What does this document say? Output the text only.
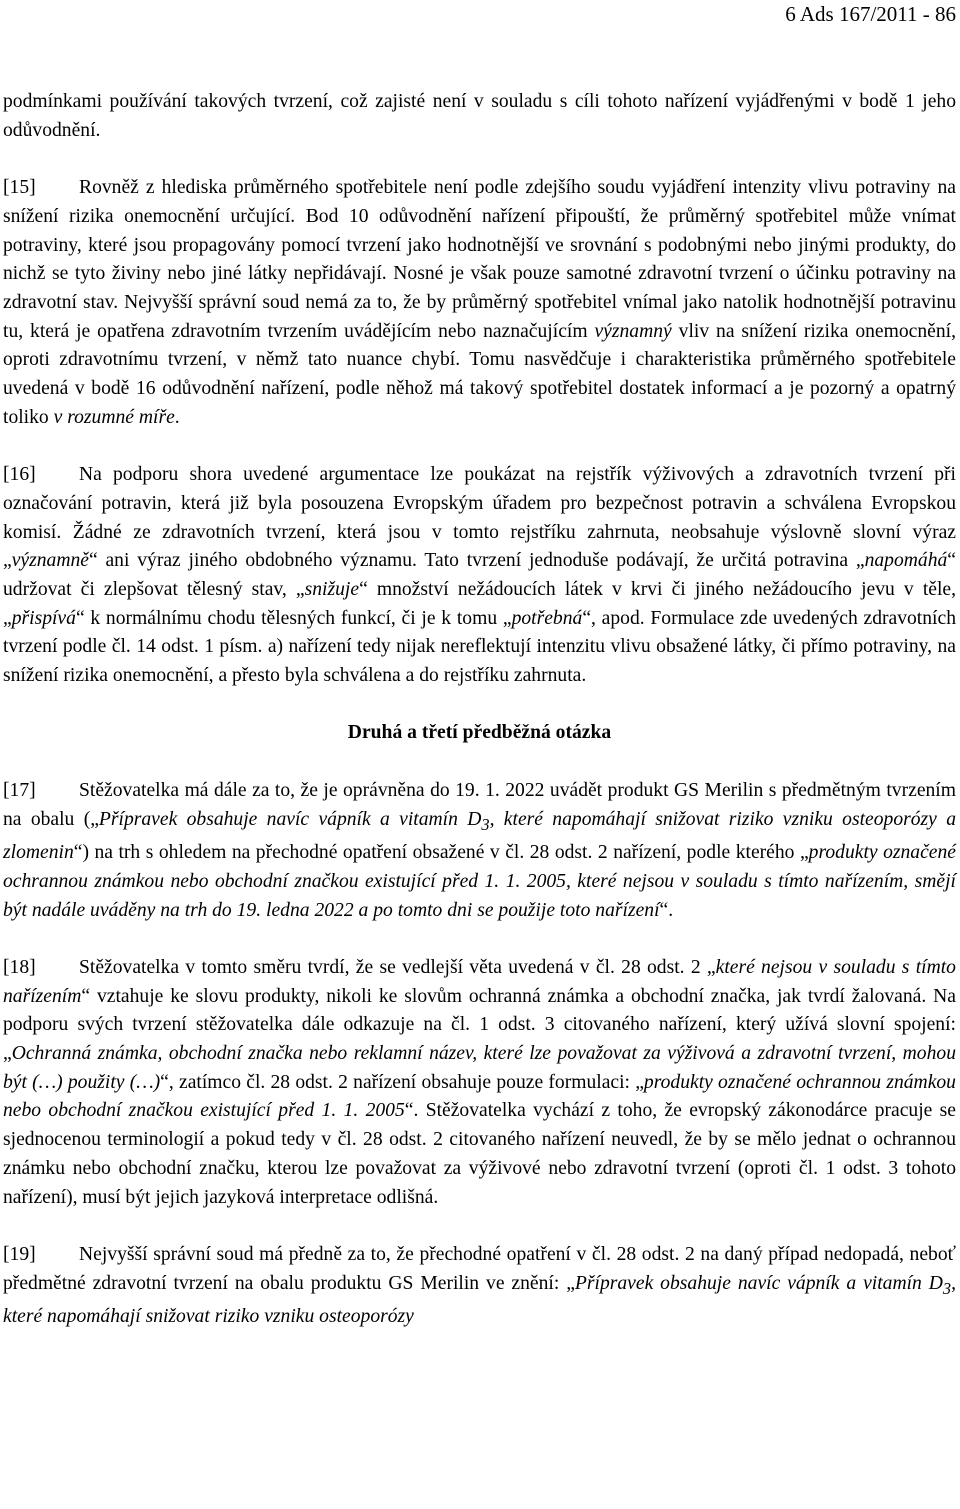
6 Ads 167/2011 - 86
podmínkami používání takových tvrzení, což zajisté není v souladu s cíli tohoto nařízení vyjádřenými v bodě 1 jeho odůvodnění.
[15] Rovněž z hlediska průměrného spotřebitele není podle zdejšího soudu vyjádření intenzity vlivu potraviny na snížení rizika onemocnění určující. Bod 10 odůvodnění nařízení připouští, že průměrný spotřebitel může vnímat potraviny, které jsou propagovány pomocí tvrzení jako hodnotnější ve srovnání s podobnými nebo jinými produkty, do nichž se tyto živiny nebo jiné látky nepřidávají. Nosné je však pouze samotné zdravotní tvrzení o účinku potraviny na zdravotní stav. Nejvyšší správní soud nemá za to, že by průměrný spotřebitel vnímal jako natolik hodnotnější potravinu tu, která je opatřena zdravotním tvrzením uvádějícím nebo naznačujícím významný vliv na snížení rizika onemocnění, oproti zdravotnímu tvrzení, v němž tato nuance chybí. Tomu nasvědčuje i charakteristika průměrného spotřebitele uvedená v bodě 16 odůvodnění nařízení, podle něhož má takový spotřebitel dostatek informací a je pozorný a opatrný toliko v rozumné míře.
[16] Na podporu shora uvedené argumentace lze poukázat na rejstřík výživových a zdravotních tvrzení při označování potravin, která již byla posouzena Evropským úřadem pro bezpečnost potravin a schválena Evropskou komisí. Žádné ze zdravotních tvrzení, která jsou v tomto rejstříku zahrnuta, neobsahuje výslovně slovní výraz „významně“ ani výraz jiného obdobného významu. Tato tvrzení jednoduše podávají, že určitá potravina „napomáhá“ udržovat či zlepšovat tělesný stav, „snižuje“ množství nežádoucích látek v krvi či jiného nežádoucího jevu v těle, „přispívá“ k normálnímu chodu tělesných funkcí, či je k tomu „potřebná“, apod. Formulace zde uvedených zdravotních tvrzení podle čl. 14 odst. 1 písm. a) nařízení tedy nijak nereflektují intenzitu vlivu obsažené látky, či přímo potraviny, na snížení rizika onemocnění, a přesto byla schválena a do rejstříku zahrnuta.
Druhá a třetí předběžná otázka
[17] Stěžovatelka má dále za to, že je oprávněna do 19. 1. 2022 uvádět produkt GS Merilin s předmětným tvrzením na obalu („Přípravek obsahuje navíc vápník a vitamín $D_3$, které napomáhají snižovat riziko vzniku osteoporózy a zlomenin“) na trh s ohledem na přechodné opatření obsažené v čl. 28 odst. 2 nařízení, podle kterého „produkty označené ochrannou známkou nebo obchodní značkou existující před 1. 1. 2005, které nejsou v souladu s tímto nařízením, smějí být nadále uváděny na trh do 19. ledna 2022 a po tomto dni se použije toto nařízení“.
[18] Stěžovatelka v tomto směru tvrdí, že se vedlejší věta uvedená v čl. 28 odst. 2 „které nejsou v souladu s tímto nařízením“ vztahuje ke slovu produkty, nikoli ke slovům ochranná známka a obchodní značka, jak tvrdí žalovaná. Na podporu svých tvrzení stěžovatelka dále odkazuje na čl. 1 odst. 3 citovaného nařízení, který užívá slovní spojení: „Ochranná známka, obchodní značka nebo reklamní název, které lze považovat za výživová a zdravotní tvrzení, mohou být (…) použity (…)“, zatímco čl. 28 odst. 2 nařízení obsahuje pouze formulaci: „produkty označené ochrannou známkou nebo obchodní značkou existující před 1. 1. 2005“. Stěžovatelka vychází z toho, že evropský zákonodárce pracuje se sjednocenou terminologií a pokud tedy v čl. 28 odst. 2 citovaného nařízení neuvedl, že by se mělo jednat o ochrannou známku nebo obchodní značku, kterou lze považovat za výživové nebo zdravotní tvrzení (oproti čl. 1 odst. 3 tohoto nařízení), musí být jejich jazyková interpretace odlišná.
[19] Nejvyšší správní soud má předně za to, že přechodné opatření v čl. 28 odst. 2 na daný případ nedopadá, neboť předmětné zdravotní tvrzení na obalu produktu GS Merilin ve znění: „Přípravek obsahuje navíc vápník a vitamín $D_3$, které napomáhají snižovat riziko vzniku osteoporózy
